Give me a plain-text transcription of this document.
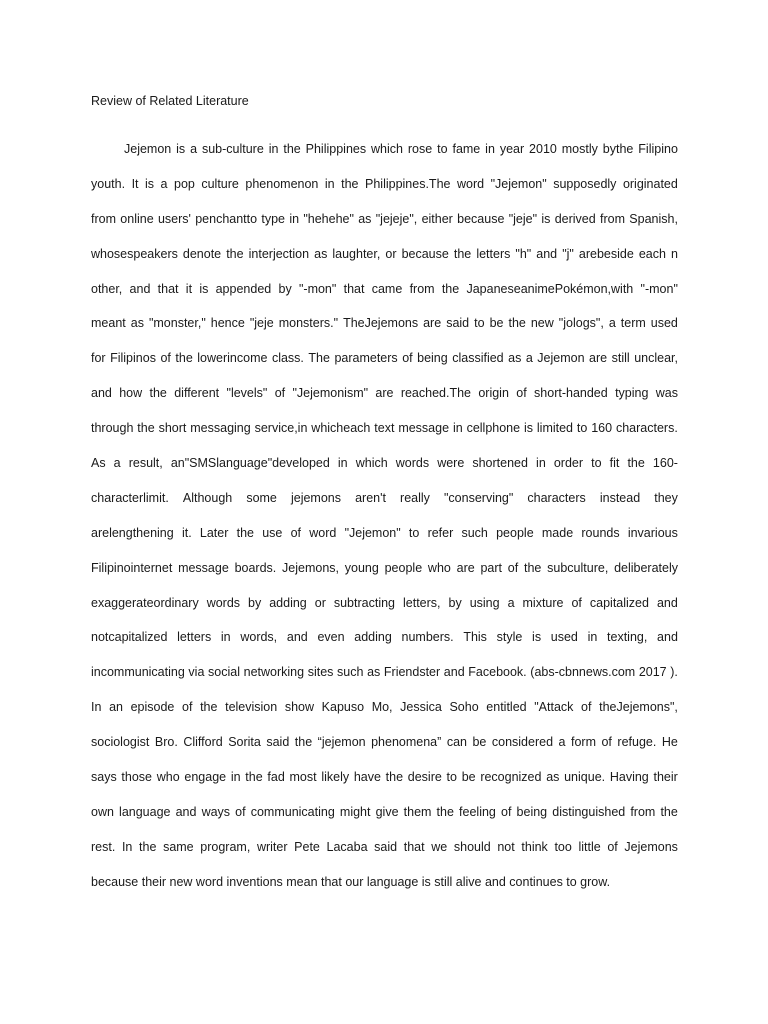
Review of Related Literature
Jejemon is a sub-culture in the Philippines which rose to fame in year 2010 mostly bythe Filipino
youth. It is a pop culture phenomenon in the Philippines.The word "Jejemon" supposedly originated
from online users' penchantto type in "hehehe" as "jejeje", either because "jeje" is derived from Spanish,
whosespeakers denote the interjection as laughter, or because the letters "h" and "j" arebeside each n
other, and that it is appended by "-mon" that came from the JapaneseanimePokémon,with "-mon"
meant as "monster," hence "jeje monsters." TheJejemons are said to be the new "jologs", a term used
for Filipinos of the lowerincome class. The parameters of being classified as a Jejemon are still unclear,
and how the different "levels" of "Jejemonism" are reached.The origin of short-handed typing was
through the short messaging service,in whicheach text message in cellphone is limited to 160 characters.
As a result, an"SMSlanguage"developed in which words were shortened in order to fit the 160-
characterlimit. Although some jejemons aren't really "conserving" characters instead they
arelengthening it. Later the use of word "Jejemon" to refer such people made rounds invarious
Filipinointernet message boards. Jejemons, young people who are part of the subculture, deliberately
exaggerateordinary words by adding or subtracting letters, by using a mixture of capitalized and
notcapitalized letters in words, and even adding numbers. This style is used in texting, and
incommunicating via social networking sites such as Friendster and Facebook. (abs-cbnnews.com 2017 ).
In an episode of the television show Kapuso Mo, Jessica Soho entitled "Attack of theJejemons",
sociologist Bro. Clifford Sorita said the “jejemon phenomena” can be considered a form of refuge. He
says those who engage in the fad most likely have the desire to be recognized as unique. Having their
own language and ways of communicating might give them the feeling of being distinguished from the
rest. In the same program, writer Pete Lacaba said that we should not think too little of Jejemons
because their new word inventions mean that our language is still alive and continues to grow.
